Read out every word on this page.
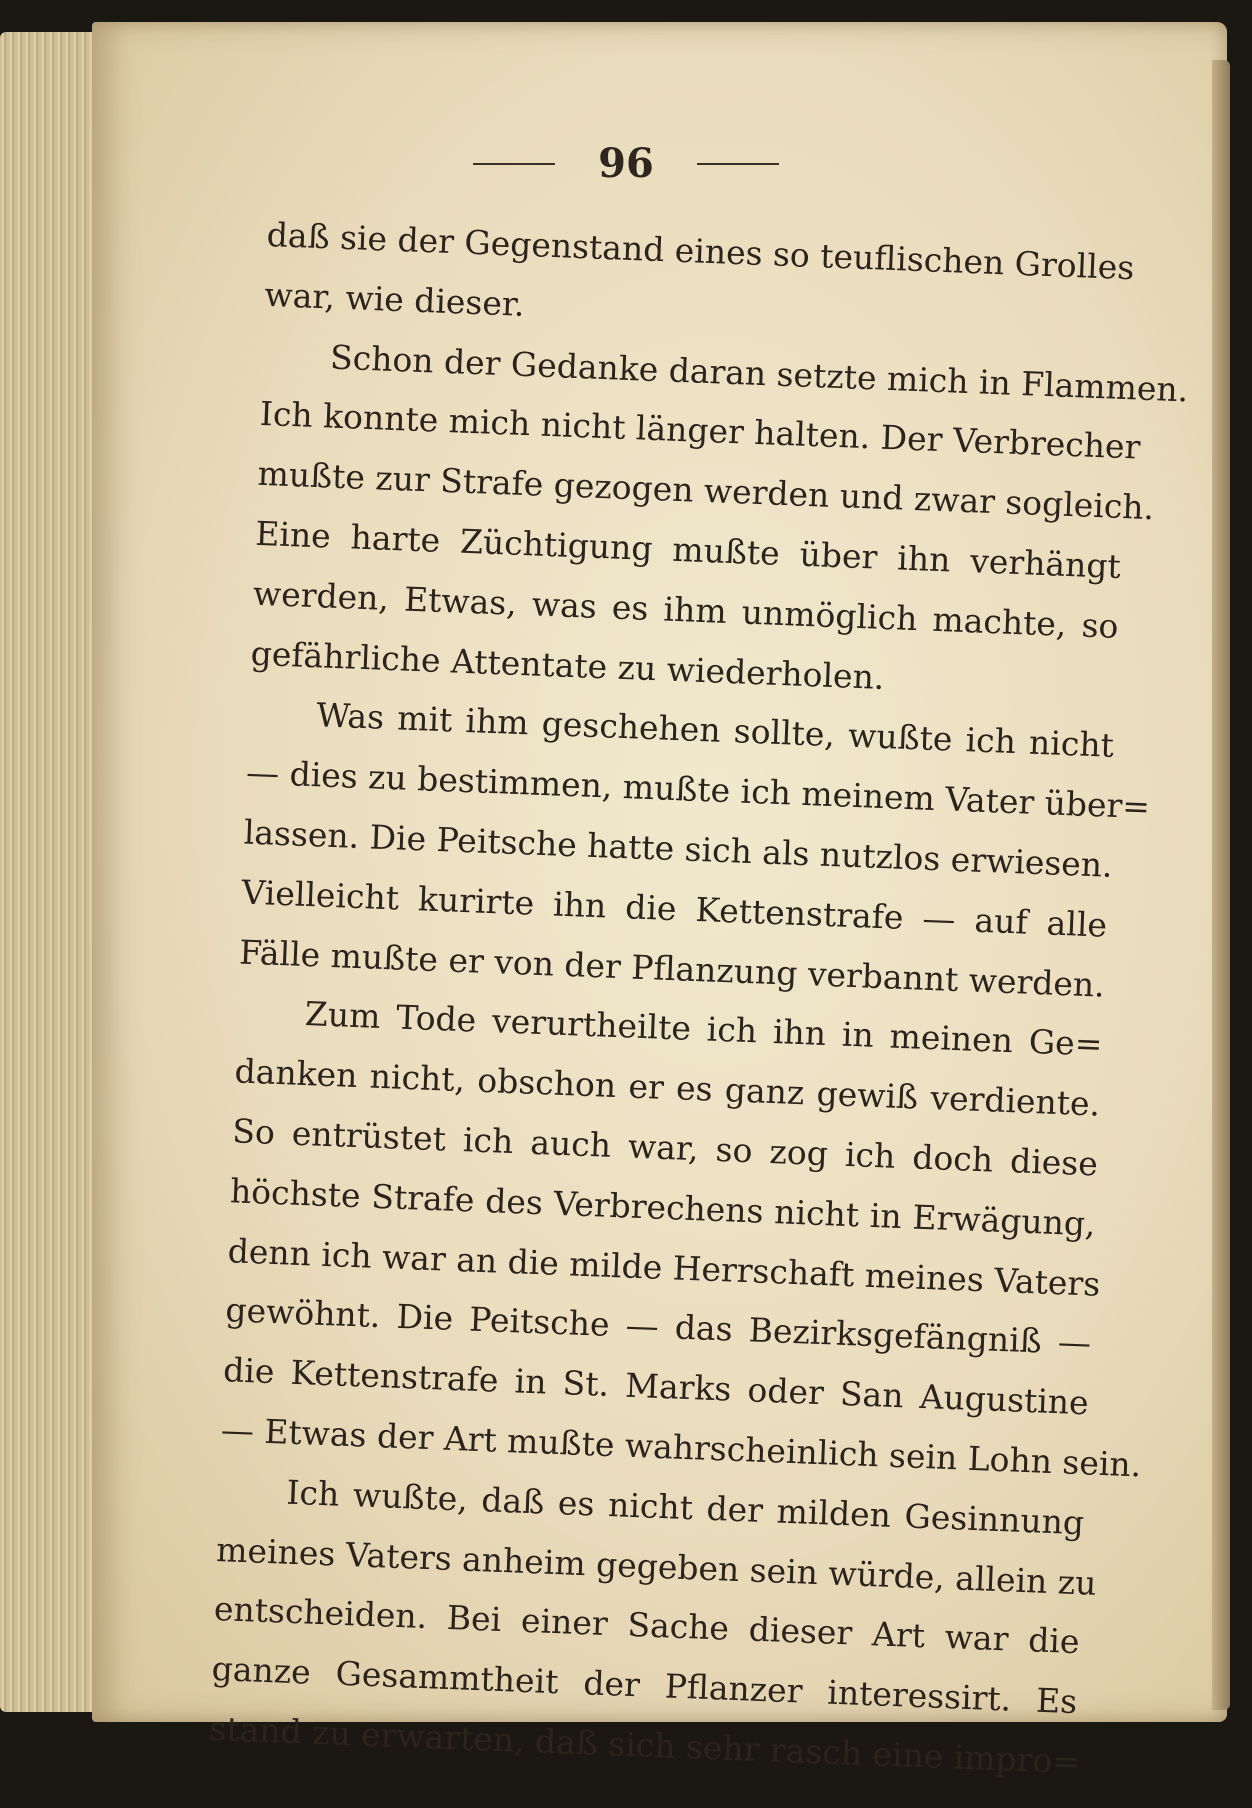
96
daß sie der Gegenstand eines so teuflischen Grolles
war, wie dieser.
Schon der Gedanke daran setzte mich in Flammen.
Ich konnte mich nicht länger halten. Der Verbrecher
mußte zur Strafe gezogen werden und zwar sogleich.
Eine harte Züchtigung mußte über ihn verhängt
werden, Etwas, was es ihm unmöglich machte, so
gefährliche Attentate zu wiederholen.
Was mit ihm geschehen sollte, wußte ich nicht
— dies zu bestimmen, mußte ich meinem Vater über=
lassen. Die Peitsche hatte sich als nutzlos erwiesen.
Vielleicht kurirte ihn die Kettenstrafe — auf alle
Fälle mußte er von der Pflanzung verbannt werden.
Zum Tode verurtheilte ich ihn in meinen Ge=
danken nicht, obschon er es ganz gewiß verdiente.
So entrüstet ich auch war, so zog ich doch diese
höchste Strafe des Verbrechens nicht in Erwägung,
denn ich war an die milde Herrschaft meines Vaters
gewöhnt. Die Peitsche — das Bezirksgefängniß —
die Kettenstrafe in St. Marks oder San Augustine
— Etwas der Art mußte wahrscheinlich sein Lohn sein.
Ich wußte, daß es nicht der milden Gesinnung
meines Vaters anheim gegeben sein würde, allein zu
entscheiden. Bei einer Sache dieser Art war die
ganze Gesammtheit der Pflanzer interessirt. Es
stand zu erwarten, daß sich sehr rasch eine impro=
